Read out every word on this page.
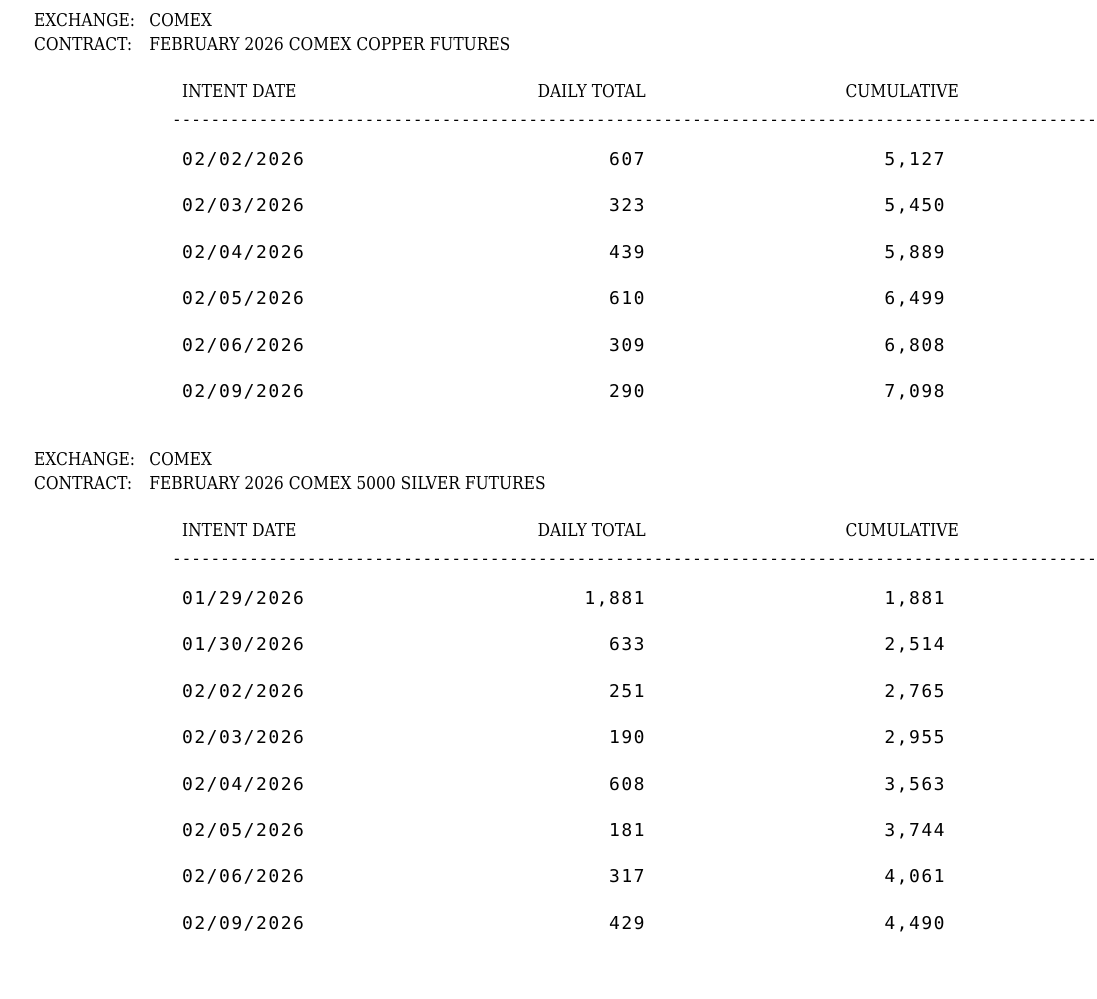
EXCHANGE: COMEX
CONTRACT: FEBRUARY 2026 COMEX COPPER FUTURES
INTENT DATE	DAILY TOTAL	CUMULATIVE
------------------------------------------------------------------------------------------------
02/02/2026	607	5,127
02/03/2026	323	5,450
02/04/2026	439	5,889
02/05/2026	610	6,499
02/06/2026	309	6,808
02/09/2026	290	7,098
EXCHANGE: COMEX
CONTRACT: FEBRUARY 2026 COMEX 5000 SILVER FUTURES
INTENT DATE	DAILY TOTAL	CUMULATIVE
------------------------------------------------------------------------------------------------
01/29/2026	1,881	1,881
01/30/2026	633	2,514
02/02/2026	251	2,765
02/03/2026	190	2,955
02/04/2026	608	3,563
02/05/2026	181	3,744
02/06/2026	317	4,061
02/09/2026	429	4,490
